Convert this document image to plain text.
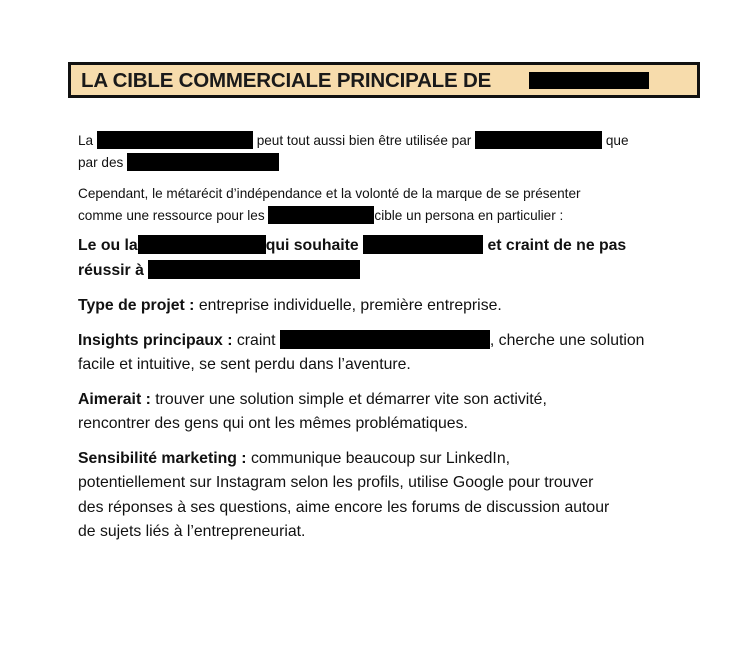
LA CIBLE COMMERCIALE PRINCIPALE DE

La	peut tout aussi bien être utilisée par	que
par des

Cependant, le métarécit d’indépendance et la volonté de la marque de se présenter
comme une ressource pour les	cible un persona en particulier :

Le ou la	qui souhaite	et craint de ne pas
réussir à

Type de projet : entreprise individuelle, première entreprise.

Insights principaux : craint	, cherche une solution
facile et intuitive, se sent perdu dans l’aventure.

Aimerait : trouver une solution simple et démarrer vite son activité,
rencontrer des gens qui ont les mêmes problématiques.

Sensibilité marketing : communique beaucoup sur LinkedIn,
potentiellement sur Instagram selon les profils, utilise Google pour trouver
des réponses à ses questions, aime encore les forums de discussion autour
de sujets liés à l’entrepreneuriat.
